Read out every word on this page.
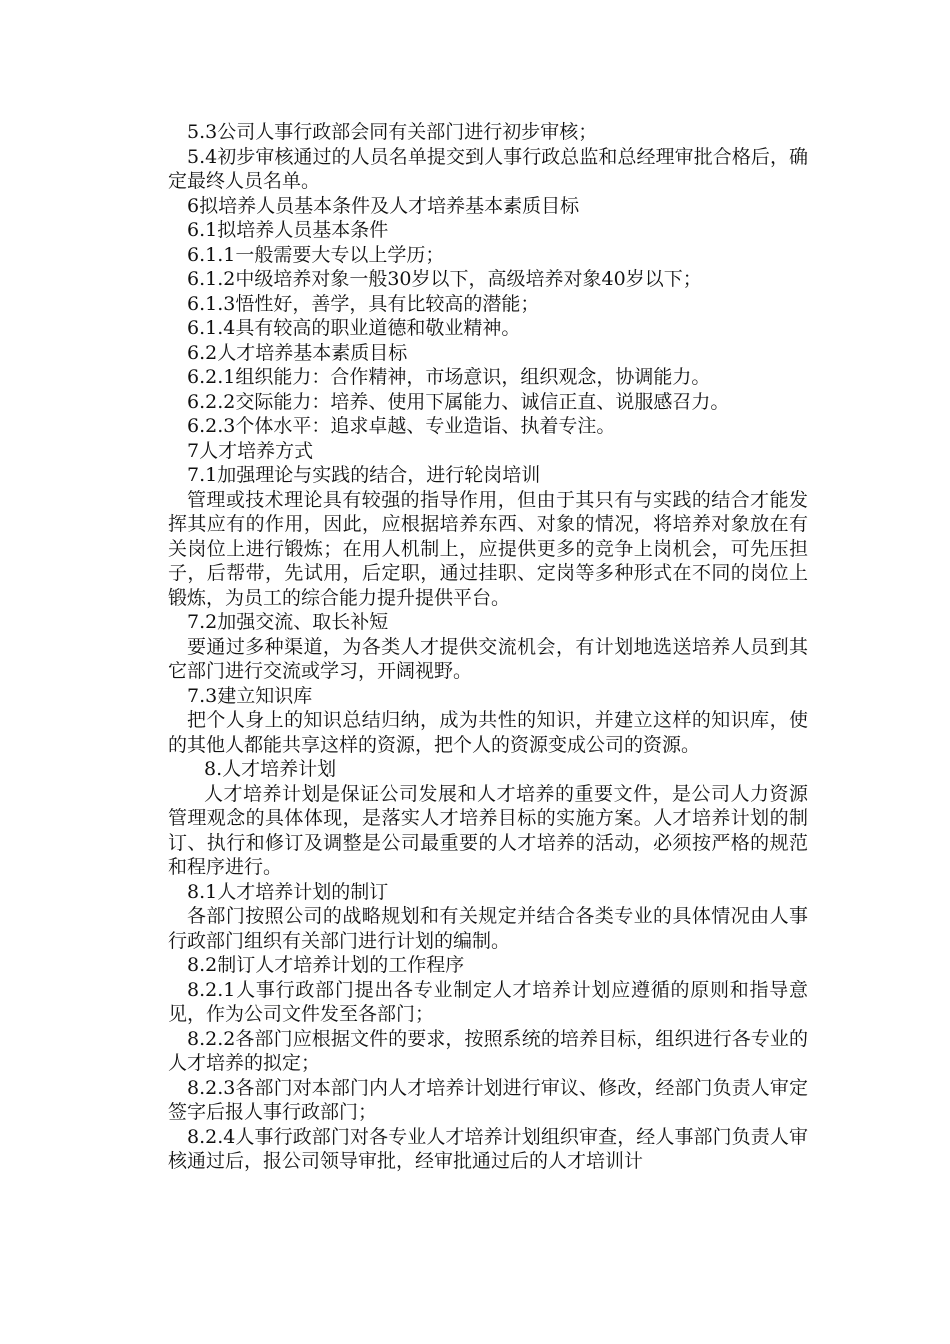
5.3公司人事行政部会同有关部门进行初步审核；

5.4初步审核通过的人员名单提交到人事行政总监和总经理审批合格后，确定最终人员名单。

6拟培养人员基本条件及人才培养基本素质目标

6.1拟培养人员基本条件

6.1.1一般需要大专以上学历；

6.1.2中级培养对象一般30岁以下，高级培养对象40岁以下；

6.1.3悟性好，善学，具有比较高的潜能；

6.1.4具有较高的职业道德和敬业精神。

6.2人才培养基本素质目标

6.2.1组织能力：合作精神，市场意识，组织观念，协调能力。

6.2.2交际能力：培养、使用下属能力、诚信正直、说服感召力。

6.2.3个体水平：追求卓越、专业造诣、执着专注。

7人才培养方式

7.1加强理论与实践的结合，进行轮岗培训

管理或技术理论具有较强的指导作用，但由于其只有与实践的结合才能发挥其应有的作用，因此，应根据培养东西、对象的情况，将培养对象放在有关岗位上进行锻炼；在用人机制上，应提供更多的竞争上岗机会，可先压担子，后帮带，先试用，后定职，通过挂职、定岗等多种形式在不同的岗位上锻炼，为员工的综合能力提升提供平台。

7.2加强交流、取长补短

要通过多种渠道，为各类人才提供交流机会，有计划地选送培养人员到其它部门进行交流或学习，开阔视野。

7.3建立知识库

把个人身上的知识总结归纳，成为共性的知识，并建立这样的知识库，使的其他人都能共享这样的资源，把个人的资源变成公司的资源。

8.人才培养计划

人才培养计划是保证公司发展和人才培养的重要文件，是公司人力资源管理观念的具体体现，是落实人才培养目标的实施方案。人才培养计划的制订、执行和修订及调整是公司最重要的人才培养的活动，必须按严格的规范和程序进行。

8.1人才培养计划的制订

各部门按照公司的战略规划和有关规定并结合各类专业的具体情况由人事行政部门组织有关部门进行计划的编制。

8.2制订人才培养计划的工作程序

8.2.1人事行政部门提出各专业制定人才培养计划应遵循的原则和指导意见，作为公司文件发至各部门；

8.2.2各部门应根据文件的要求，按照系统的培养目标，组织进行各专业的人才培养的拟定；

8.2.3各部门对本部门内人才培养计划进行审议、修改，经部门负责人审定签字后报人事行政部门；

8.2.4人事行政部门对各专业人才培养计划组织审查，经人事部门负责人审核通过后，报公司领导审批，经审批通过后的人才培训计
